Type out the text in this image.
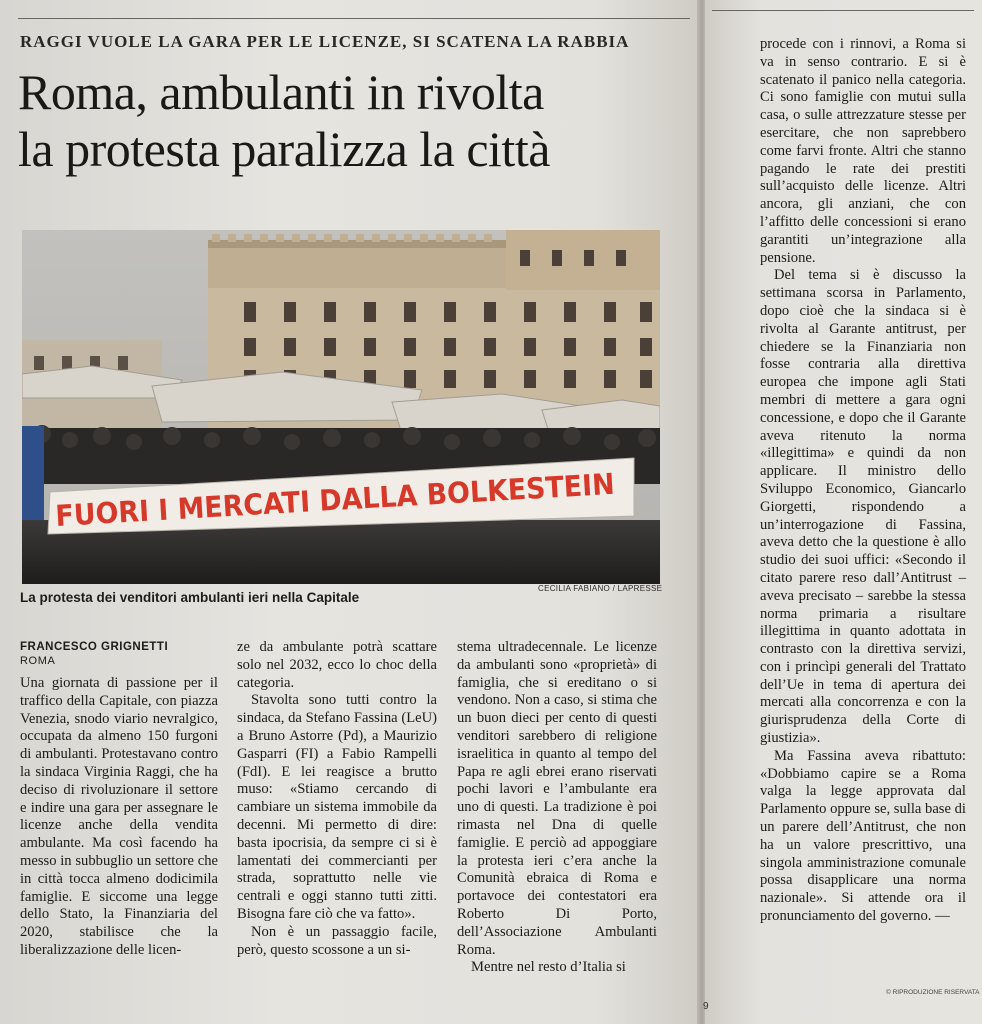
RAGGI VUOLE LA GARA PER LE LICENZE, SI SCATENA LA RABBIA
Roma, ambulanti in rivolta
la protesta paralizza la città
FUORI I MERCATI DALLA BOLKESTEIN
CECILIA FABIANO / LAPRESSE
La protesta dei venditori ambulanti ieri nella Capitale
FRANCESCO GRIGNETTI
ROMA

Una giornata di passione per il traffico della Capitale, con piazza Venezia, snodo viario nevralgico, occupata da almeno 150 furgoni di ambulanti. Protestavano contro la sindaca Virginia Raggi, che ha deciso di rivoluzionare il settore e indire una gara per assegnare le licenze anche della vendita ambulante. Ma così facendo ha messo in subbuglio un settore che in città tocca almeno dodicimila famiglie. E siccome una legge dello Stato, la Finanziaria del 2020, stabilisce che la liberalizzazione delle licen-

ze da ambulante potrà scattare solo nel 2032, ecco lo choc della categoria.

Stavolta sono tutti contro la sindaca, da Stefano Fassina (LeU) a Bruno Astorre (Pd), a Maurizio Gasparri (FI) a Fabio Rampelli (FdI). E lei reagisce a brutto muso: «Stiamo cercando di cambiare un sistema immobile da decenni. Mi permetto di dire: basta ipocrisia, da sempre ci si è lamentati dei commercianti per strada, soprattutto nelle vie centrali e oggi stanno tutti zitti. Bisogna fare ciò che va fatto».

Non è un passaggio facile, però, questo scossone a un si-

stema ultradecennale. Le licenze da ambulanti sono «proprietà» di famiglia, che si ereditano o si vendono. Non a caso, si stima che un buon dieci per cento di questi venditori sarebbero di religione israelitica in quanto al tempo del Papa re agli ebrei erano riservati pochi lavori e l’ambulante era uno di questi. La tradizione è poi rimasta nel Dna di quelle famiglie. E perciò ad appoggiare la protesta ieri c’era anche la Comunità ebraica di Roma e portavoce dei contestatori era Roberto Di Porto, dell’Associazione Ambulanti Roma.

Mentre nel resto d’Italia si

procede con i rinnovi, a Roma si va in senso contrario. E si è scatenato il panico nella categoria. Ci sono famiglie con mutui sulla casa, o sulle attrezzature stesse per esercitare, che non saprebbero come farvi fronte. Altri che stanno pagando le rate dei prestiti sull’acquisto delle licenze. Altri ancora, gli anziani, che con l’affitto delle concessioni si erano garantiti un’integrazione alla pensione.

Del tema si è discusso la settimana scorsa in Parlamento, dopo cioè che la sindaca si è rivolta al Garante antitrust, per chiedere se la Finanziaria non fosse contraria alla direttiva europea che impone agli Stati membri di mettere a gara ogni concessione, e dopo che il Garante aveva ritenuto la norma «illegittima» e quindi da non applicare. Il ministro dello Sviluppo Economico, Giancarlo Giorgetti, rispondendo a un’interrogazione di Fassina, aveva detto che la questione è allo studio dei suoi uffici: «Secondo il citato parere reso dall’Antitrust – aveva precisato – sarebbe la stessa norma primaria a risultare illegittima in quanto adottata in contrasto con la direttiva servizi, con i princìpi generali del Trattato dell’Ue in tema di apertura dei mercati alla concorrenza e con la giurisprudenza della Corte di giustizia».

Ma Fassina aveva ribattuto: «Dobbiamo capire se a Roma valga la legge approvata dal Parlamento oppure se, sulla base di un parere dell’Antitrust, che non ha un valore prescrittivo, una singola amministrazione comunale possa disapplicare una norma nazionale». Si attende ora il pronunciamento del governo. —

9
© RIPRODUZIONE RISERVATA
